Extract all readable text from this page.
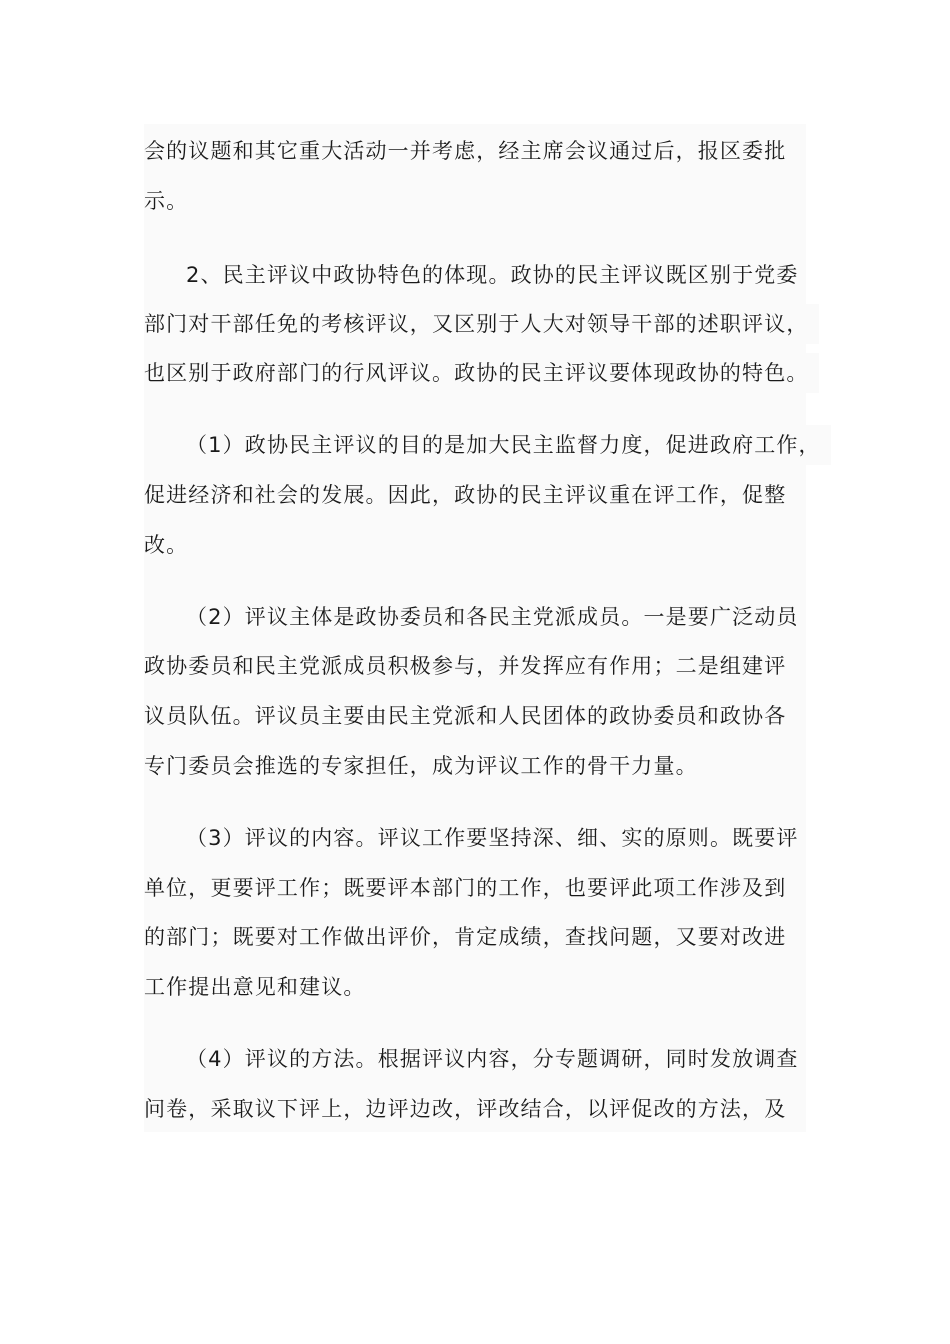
会的议题和其它重大活动一并考虑，经主席会议通过后，报区委批
示。
2、民主评议中政协特色的体现。政协的民主评议既区别于党委
部门对干部任免的考核评议，又区别于人大对领导干部的述职评议，
也区别于政府部门的行风评议。政协的民主评议要体现政协的特色。
（1）政协民主评议的目的是加大民主监督力度，促进政府工作，
促进经济和社会的发展。因此，政协的民主评议重在评工作，促整
改。
（2）评议主体是政协委员和各民主党派成员。一是要广泛动员
政协委员和民主党派成员积极参与，并发挥应有作用；二是组建评
议员队伍。评议员主要由民主党派和人民团体的政协委员和政协各
专门委员会推选的专家担任，成为评议工作的骨干力量。
（3）评议的内容。评议工作要坚持深、细、实的原则。既要评
单位，更要评工作；既要评本部门的工作，也要评此项工作涉及到
的部门；既要对工作做出评价，肯定成绩，查找问题，又要对改进
工作提出意见和建议。
（4）评议的方法。根据评议内容，分专题调研，同时发放调查
问卷，采取议下评上，边评边改，评改结合，以评促改的方法，及
